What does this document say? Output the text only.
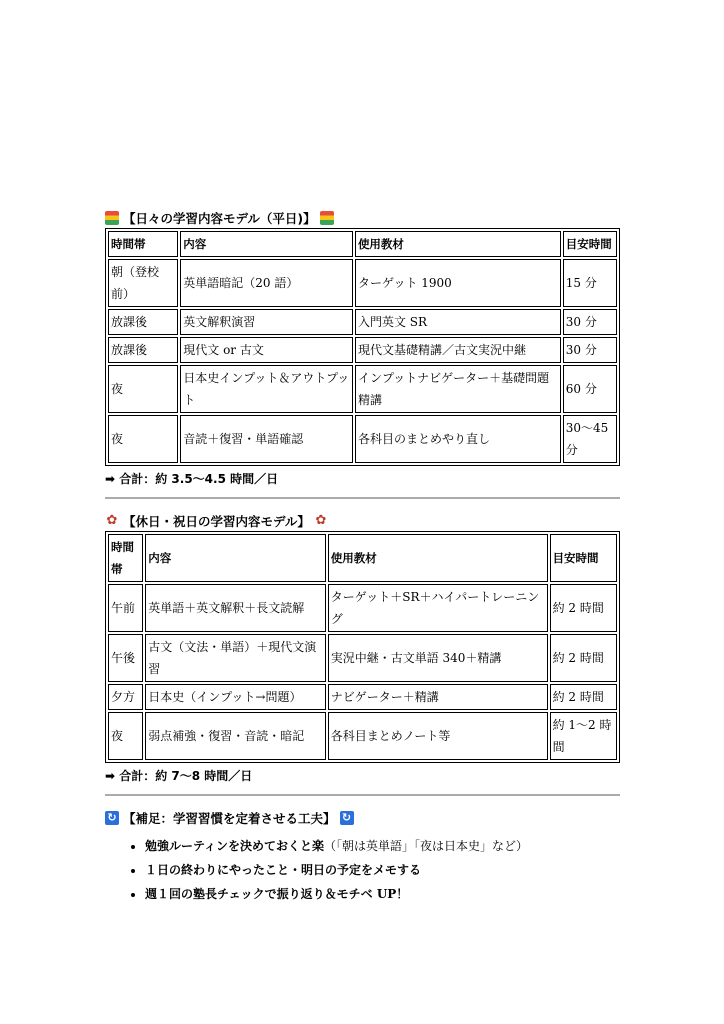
【日々の学習内容モデル（平日)】
時間帯	内容	使用教材	目安時間
朝（登校前）	英単語暗記（20 語）	ターゲット 1900	15 分
放課後	英文解釈演習	入門英文 SR	30 分
放課後	現代文 or 古文	現代文基礎精講／古文実況中継	30 分
夜	日本史インプット＆アウトプット	インプットナビゲーター＋基礎問題精講	60 分
夜	音読＋復習・単語確認	各科目のまとめやり直し	30～45 分
➡ 合計：約 3.5～4.5 時間／日
✿ 【休日・祝日の学習内容モデル】 ✿
時間帯	内容	使用教材	目安時間
午前	英単語＋英文解釈＋長文読解	ターゲット＋SR＋ハイパートレーニング	約 2 時間
午後	古文（文法・単語）＋現代文演習	実況中継・古文単語 340＋精講	約 2 時間
夕方	日本史（インプット→問題）	ナビゲーター＋精講	約 2 時間
夜	弱点補強・復習・音読・暗記	各科目まとめノート等	約 1～2 時間
➡ 合計：約 7～8 時間／日
↻ 【補足：学習習慣を定着させる工夫】 ↻
• 勉強ルーティンを決めておくと楽（「朝は英単語」「夜は日本史」など）
• １日の終わりにやったこと・明日の予定をメモする
• 週１回の塾長チェックで振り返り＆モチベ UP！
